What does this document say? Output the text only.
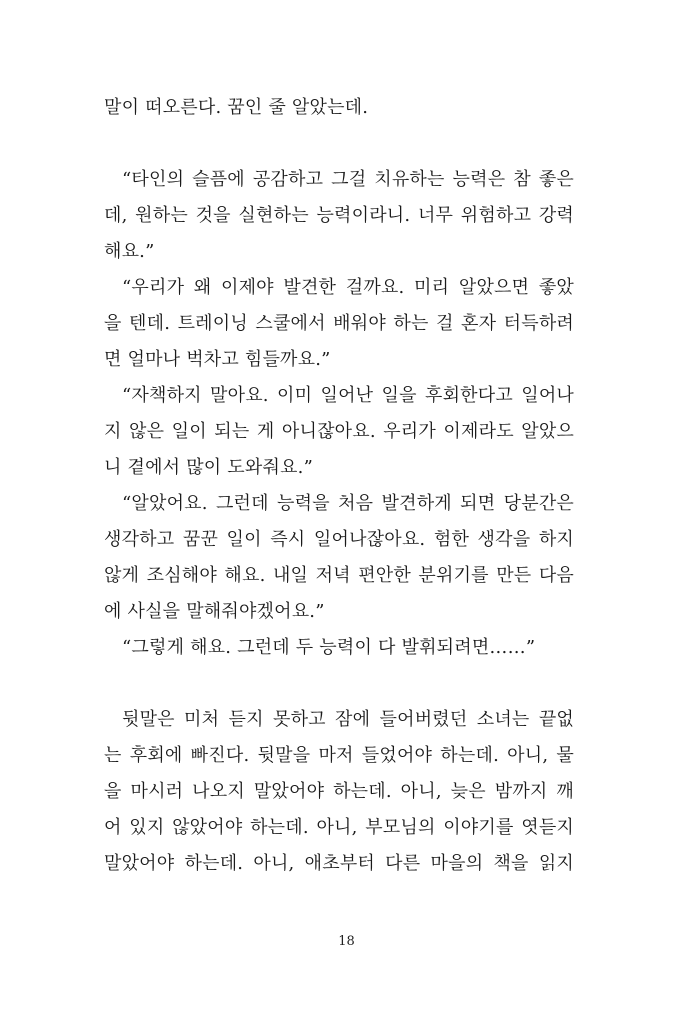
말이 떠오른다. 꿈인 줄 알았는데.
“타인의 슬픔에 공감하고 그걸 치유하는 능력은 참 좋은
데, 원하는 것을 실현하는 능력이라니. 너무 위험하고 강력
해요.”
“우리가 왜 이제야 발견한 걸까요. 미리 알았으면 좋았
을 텐데. 트레이닝 스쿨에서 배워야 하는 걸 혼자 터득하려
면 얼마나 벅차고 힘들까요.”
“자책하지 말아요. 이미 일어난 일을 후회한다고 일어나
지 않은 일이 되는 게 아니잖아요. 우리가 이제라도 알았으
니 곁에서 많이 도와줘요.”
“알았어요. 그런데 능력을 처음 발견하게 되면 당분간은
생각하고 꿈꾼 일이 즉시 일어나잖아요. 험한 생각을 하지
않게 조심해야 해요. 내일 저녁 편안한 분위기를 만든 다음
에 사실을 말해줘야겠어요.”
“그렇게 해요. 그런데 두 능력이 다 발휘되려면……”
뒷말은 미처 듣지 못하고 잠에 들어버렸던 소녀는 끝없
는 후회에 빠진다. 뒷말을 마저 들었어야 하는데. 아니, 물
을 마시러 나오지 말았어야 하는데. 아니, 늦은 밤까지 깨
어 있지 않았어야 하는데. 아니, 부모님의 이야기를 엿듣지
말았어야 하는데. 아니, 애초부터 다른 마을의 책을 읽지
18
